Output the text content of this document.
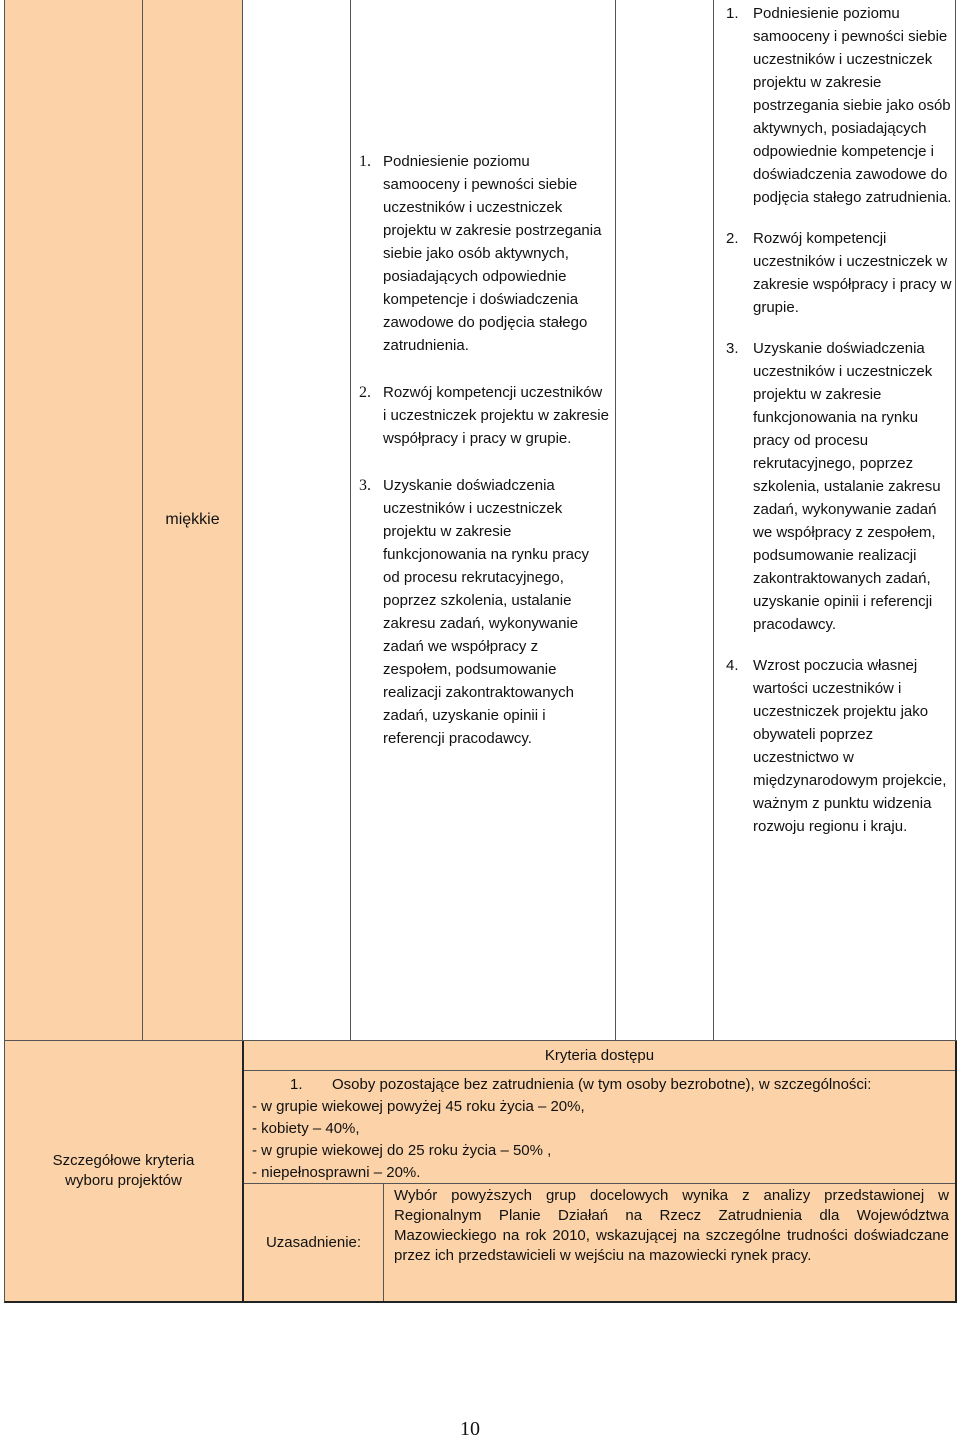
miękkie
1. Podniesienie poziomu samooceny i pewności siebie uczestników i uczestniczek projektu w zakresie postrzegania siebie jako osób aktywnych, posiadających odpowiednie kompetencje i doświadczenia zawodowe do podjęcia stałego zatrudnienia.
2. Rozwój kompetencji uczestników i uczestniczek projektu w zakresie współpracy i pracy w grupie.
3. Uzyskanie doświadczenia uczestników i uczestniczek projektu w zakresie funkcjonowania na rynku pracy od procesu rekrutacyjnego, poprzez szkolenia, ustalanie zakresu zadań, wykonywanie zadań we współpracy z zespołem, podsumowanie realizacji zakontraktowanych zadań, uzyskanie opinii i referencji pracodawcy.
1. Podniesienie poziomu samooceny i pewności siebie uczestników i uczestniczek projektu w zakresie postrzegania siebie jako osób aktywnych, posiadających odpowiednie kompetencje i doświadczenia zawodowe do podjęcia stałego zatrudnienia.
2. Rozwój kompetencji uczestników i uczestniczek w zakresie współpracy i pracy w grupie.
3. Uzyskanie doświadczenia uczestników i uczestniczek projektu w zakresie funkcjonowania na rynku pracy od procesu rekrutacyjnego, poprzez szkolenia, ustalanie zakresu zadań, wykonywanie zadań we współpracy z zespołem, podsumowanie realizacji zakontraktowanych zadań, uzyskanie opinii i referencji pracodawcy.
4. Wzrost poczucia własnej wartości uczestników i uczestniczek projektu jako obywateli poprzez uczestnictwo w międzynarodowym projekcie, ważnym z punktu widzenia rozwoju regionu i kraju.
Szczegółowe kryteria wyboru projektów
Kryteria dostępu
1. Osoby pozostające bez zatrudnienia (w tym osoby bezrobotne), w szczególności:
- w grupie wiekowej powyżej 45 roku życia – 20%,
- kobiety – 40%,
- w grupie wiekowej do 25 roku życia – 50% ,
- niepełnosprawni – 20%.
Uzasadnienie:
Wybór powyższych grup docelowych wynika z analizy przedstawionej w Regionalnym Planie Działań na Rzecz Zatrudnienia dla Województwa Mazowieckiego na rok 2010, wskazującej na szczególne trudności doświadczane przez ich przedstawicieli w wejściu na mazowiecki rynek pracy.
10
